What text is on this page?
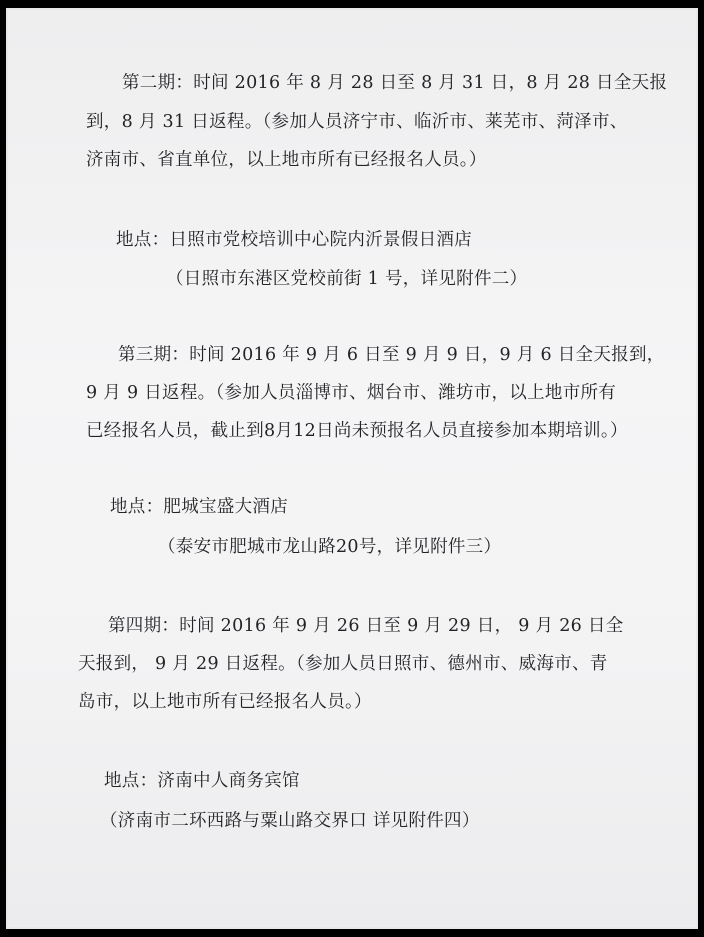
第二期：时间 2016 年 8 月 28 日至 8 月 31 日，8 月 28 日全天报
到，8 月 31 日返程。（参加人员济宁市、临沂市、莱芜市、菏泽市、
济南市、省直单位，以上地市所有已经报名人员。）
地点：日照市党校培训中心院内沂景假日酒店
（日照市东港区党校前街 1 号，详见附件二）
第三期：时间 2016 年 9 月 6 日至 9 月 9 日，9 月 6 日全天报到，
9 月 9 日返程。（参加人员淄博市、烟台市、潍坊市，以上地市所有
已经报名人员，截止到8月12日尚未预报名人员直接参加本期培训。）
地点：肥城宝盛大酒店
（泰安市肥城市龙山路20号，详见附件三）
第四期：时间 2016 年 9 月 26 日至 9 月 29 日， 9 月 26 日全
天报到， 9 月 29 日返程。（参加人员日照市、德州市、威海市、青
岛市，以上地市所有已经报名人员。）
地点：济南中人商务宾馆
（济南市二环西路与粟山路交界口 详见附件四）
